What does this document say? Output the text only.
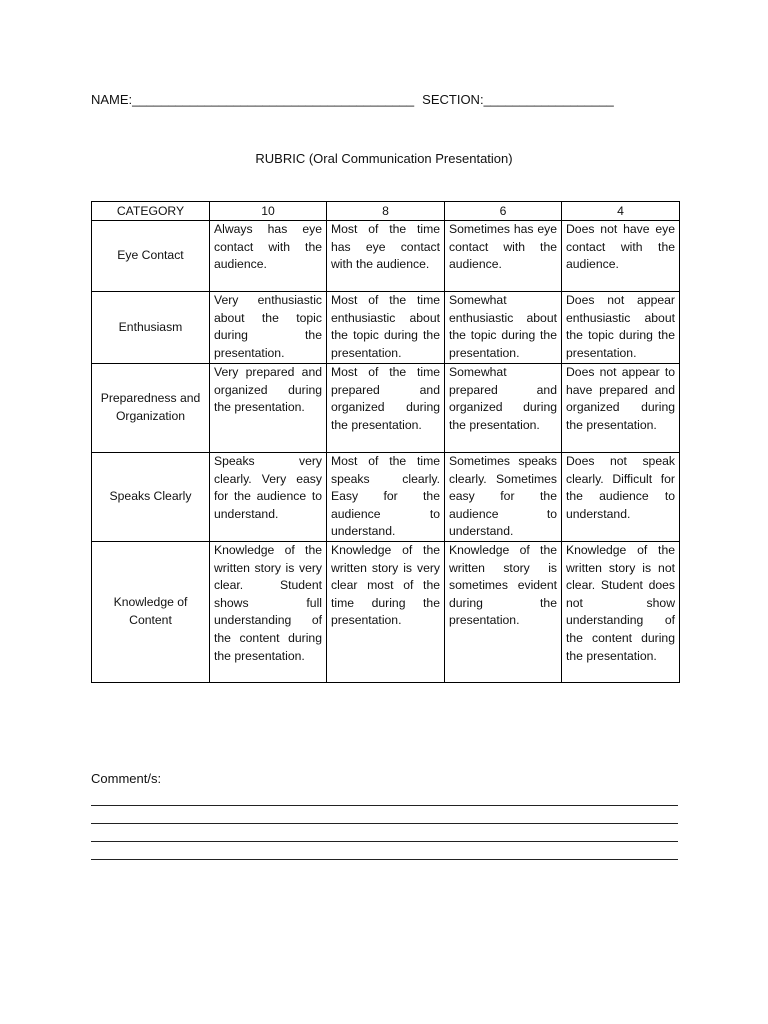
NAME:_______________________________________ SECTION:__________________
RUBRIC (Oral Communication Presentation)
CATEGORY	10	8	6	4
Eye Contact	Always has eye contact with the audience.	Most of the time has eye contact with the audience.	Sometimes has eye contact with the audience.	Does not have eye contact with the audience.
Enthusiasm	Very enthusiastic about the topic during the presentation.	Most of the time enthusiastic about the topic during the presentation.	Somewhat enthusiastic about the topic during the presentation.	Does not appear enthusiastic about the topic during the presentation.
Preparedness and Organization	Very prepared and organized during the presentation.	Most of the time prepared and organized during the presentation.	Somewhat prepared and organized during the presentation.	Does not appear to have prepared and organized during the presentation.
Speaks Clearly	Speaks very clearly. Very easy for the audience to understand.	Most of the time speaks clearly. Easy for the audience to understand.	Sometimes speaks clearly. Sometimes easy for the audience to understand.	Does not speak clearly. Difficult for the audience to understand.
Knowledge of Content	Knowledge of the written story is very clear. Student shows full understanding of the content during the presentation.	Knowledge of the written story is very clear most of the time during the presentation.	Knowledge of the written story is sometimes evident during the presentation.	Knowledge of the written story is not clear. Student does not show understanding of the content during the presentation.
Comment/s:
